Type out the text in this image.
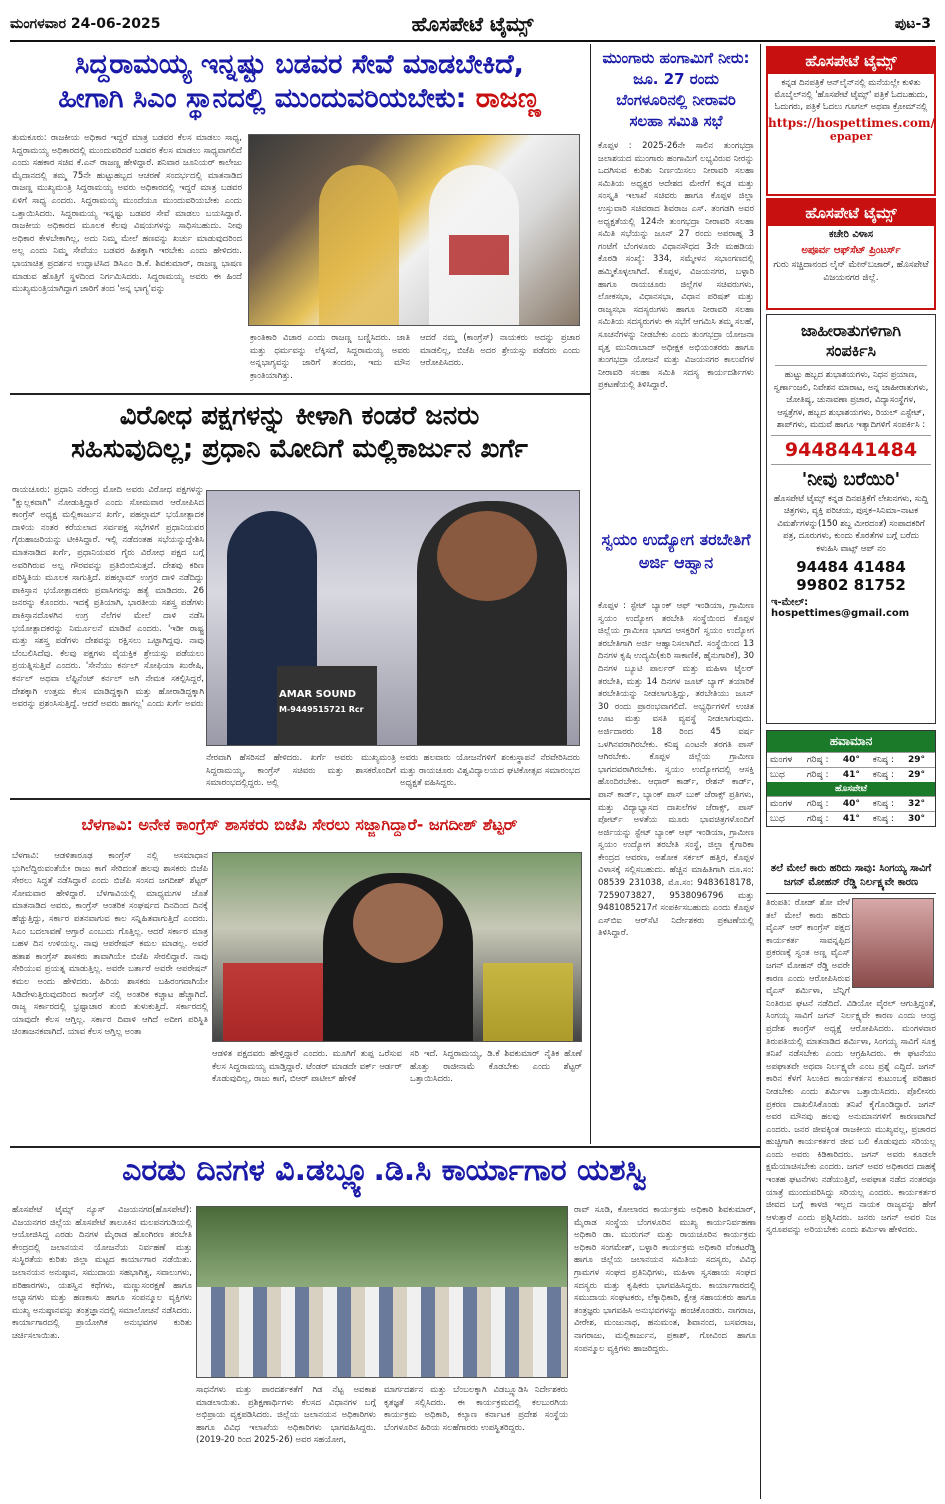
ಮಂಗಳವಾರ 24-06-2025	ಹೊಸಪೇಟೆ ಟೈಮ್ಸ್	ಪುಟ-3
ಸಿದ್ದರಾಮಯ್ಯ ಇನ್ನಷ್ಟು ಬಡವರ ಸೇವೆ ಮಾಡಬೇಕಿದೆ,
ಹೀಗಾಗಿ ಸಿಎಂ ಸ್ಥಾನದಲ್ಲಿ ಮುಂದುವರಿಯಬೇಕು: ರಾಜಣ್ಣ
ತುಮಕೂರು: ರಾಜಕೀಯ ಅಧಿಕಾರ ಇದ್ದರೆ ಮಾತ್ರ ಬಡವರ ಕೆಲಸ ಮಾಡಲು ಸಾಧ್ಯ, ಸಿದ್ದರಾಮಯ್ಯ ಅಧಿಕಾರದಲ್ಲಿ ಮುಂದುವರಿದರೆ ಬಡವರ ಕೆಲಸ ಮಾಡಲು ಸಾಧ್ಯವಾಗಲಿದೆ ಎಂದು ಸಹಕಾರ ಸಚಿವ ಕೆ.ಎನ್ ರಾಜಣ್ಣ ಹೇಳಿದ್ದಾರೆ. ಶನಿವಾರ ಜೂನಿಯರ್ ಕಾಲೇಜು ಮೈದಾನದಲ್ಲಿ ತಮ್ಮ 75ನೇ ಹುಟ್ಟುಹಬ್ಬದ ಆಚರಣೆ ಸಂದರ್ಭದಲ್ಲಿ ಮಾತನಾಡಿದ ರಾಜಣ್ಣ ಮುಖ್ಯಮಂತ್ರಿ ಸಿದ್ದರಾಮಯ್ಯ ಅವರು ಅಧಿಕಾರದಲ್ಲಿ ಇದ್ದರೆ ಮಾತ್ರ ಬಡವರ ಏಳಿಗೆ ಸಾಧ್ಯ ಎಂದರು. ಸಿದ್ದರಾಮಯ್ಯ ಮುಂದೆಯೂ ಮುಂದುವರಿಯಬೇಕು ಎಂದು ಒತ್ತಾಯಿಸಿದರು. ಸಿದ್ದರಾಮಯ್ಯ ಇನ್ನಷ್ಟು ಬಡವರ ಸೇವೆ ಮಾಡಲು ಬಯಸಿದ್ದಾರೆ. ರಾಜಕೀಯ ಅಧಿಕಾರದ ಮೂಲಕ ಕೆಲವು ವಿಷಯಗಳನ್ನು ಸಾಧಿಸಬಹುದು. ನೀವು ಅಧಿಕಾರ ಕೇಳಬೇಕಾಗಿಲ್ಲ, ಅದು ನಿಮ್ಮ ಮೇಲೆ ಹಣವನ್ನು ಖರ್ಚು ಮಾಡುವುದರಿಂದ ಅಲ್ಲ ಎಂದು ನಿಮ್ಮ ಸೇವೆಯು ಬಡವರ ಹಿತಕ್ಕಾಗಿ ಇರಬೇಕು ಎಂದು ಹೇಳಿದರು. ಭಾಯಾಚಿತ್ರ ಪ್ರದರ್ಶನ ಉದ್ಘಾಟಿಸಿದ ಡಿಸಿಎಂ ಡಿ.ಕೆ. ಶಿವಕುಮಾರ್, ರಾಜಣ್ಣ ಭಾಷಣ ಮಾಡುವ ಹೊತ್ತಿಗೆ ಸ್ಥಳದಿಂದ ನಿರ್ಗಮಿಸಿದರು. ಸಿದ್ದರಾಮಯ್ಯ ಅವರು ಈ ಹಿಂದೆ ಮುಖ್ಯಮಂತ್ರಿಯಾಗಿದ್ದಾಗ ಜಾರಿಗೆ ತಂದ 'ಅನ್ನ ಭಾಗ್ಯ'ವನ್ನು
ಕ್ರಾಂತಿಕಾರಿ ವಿಚಾರ ಎಂದು ರಾಜಣ್ಣ ಬಣ್ಣಿಸಿದರು. ಜಾತಿ ಮತ್ತು ಧರ್ಮವನ್ನು ಲೆಕ್ಕಿಸದೆ, ಸಿದ್ದರಾಮಯ್ಯ ಅವರು ಅನ್ನಭಾಗ್ಯವನ್ನು ಜಾರಿಗೆ ತಂದರು, ಇದು ಮೌನ ಕ್ರಾಂತಿಯಾಗಿತ್ತು.
ಆದರೆ ನಮ್ಮ (ಕಾಂಗ್ರೆಸ್) ನಾಯಕರು ಅದನ್ನು ಪ್ರಚಾರ ಮಾಡಲಿಲ್ಲ, ಬಿಜೆಪಿ ಅದರ ಶ್ರೇಯಸ್ಸು ಪಡೆದರು ಎಂದು ಆರೋಪಿಸಿದರು.
ವಿರೋಧ ಪಕ್ಷಗಳನ್ನು ಕೀಳಾಗಿ ಕಂಡರೆ ಜನರು
ಸಹಿಸುವುದಿಲ್ಲ; ಪ್ರಧಾನಿ ಮೋದಿಗೆ ಮಲ್ಲಿಕಾರ್ಜುನ ಖರ್ಗೆ
ರಾಯಚೂರು: ಪ್ರಧಾನಿ ನರೇಂದ್ರ ಮೋದಿ ಅವರು ವಿರೋಧ ಪಕ್ಷಗಳನ್ನು "ಕ್ಷುಲ್ಲಕವಾಗಿ" ನೋಡುತ್ತಿದ್ದಾರೆ ಎಂದು ಸೋಮವಾರ ಆರೋಪಿಸಿದ ಕಾಂಗ್ರೆಸ್ ಅಧ್ಯಕ್ಷ ಮಲ್ಲಿಕಾರ್ಜುನ ಖರ್ಗೆ, ಪಹಲ್ಗಾಮ್ ಭಯೋತ್ಪಾದಕ ದಾಳಿಯ ನಂತರ ಕರೆಯಲಾದ ಸರ್ವಪಕ್ಷ ಸಭೆಗಳಿಗೆ ಪ್ರಧಾನಿಯವರ ಗೈರುಹಾಜರಿಯನ್ನು ಟೀಕಿಸಿದ್ದಾರೆ. ಇಲ್ಲಿ ನಡೆದಂತಹ ಸಭೆಯನ್ನುದ್ದೇಶಿಸಿ ಮಾತನಾಡಿದ ಖರ್ಗೆ, ಪ್ರಧಾನಿಯವರ ಗೈರು ವಿರೋಧ ಪಕ್ಷದ ಬಗ್ಗೆ ಅವರಿಗಿರುವ ಅಲ್ಪ ಗೌರವವನ್ನು ಪ್ರತಿಬಿಂಬಿಸುತ್ತದೆ. ದೇಶವು ಕಠಿಣ ಪರಿಸ್ಥಿತಿಯ ಮೂಲಕ ಸಾಗುತ್ತಿದೆ. ಪಹಲ್ಗಾಮ್ ಉಗ್ರರ ದಾಳಿ ನಡೆದಿದ್ದು ಪಾಕಿಸ್ತಾನ ಭಯೋತ್ಪಾದಕರು ಪ್ರವಾಸಿಗರನ್ನು ಹತ್ಯೆ ಮಾಡಿದರು. 26 ಜನರನ್ನು ಕೊಂದರು. ಇದಕ್ಕೆ ಪ್ರತಿಯಾಗಿ, ಭಾರತೀಯ ಸಶಸ್ತ್ರ ಪಡೆಗಳು ಪಾಕಿಸ್ತಾನದೊಳಗಿನ ಉಗ್ರ ನೆಲೆಗಳ ಮೇಲೆ ದಾಳಿ ನಡೆಸಿ ಭಯೋತ್ಪಾದಕರನ್ನು ನಿರ್ಮೂಲನೆ ಮಾಡಿವೆ ಎಂದರು. 'ಇಡೀ ರಾಷ್ಟ್ರ ಮತ್ತು ಸಶಸ್ತ್ರ ಪಡೆಗಳು ದೇಶವನ್ನು ರಕ್ಷಿಸಲು ಒಟ್ಟಾಗಿದ್ದವು. ನಾವು ಬೆಂಬಲಿಸಿದೆವು. ಕೆಲವು ಪಕ್ಷಗಳು ವೈಯಕ್ತಿಕ ಶ್ರೇಯಸ್ಸು ಪಡೆಯಲು ಪ್ರಯತ್ನಿಸುತ್ತಿವೆ ಎಂದರು. 'ಸೇನೆಯು ಕರ್ನಲ್ ಸೋಫಿಯಾ ಖುರೇಷಿ, ಕರ್ನಲ್ ಅಥವಾ ಲೆಫ್ಟಿನೆಂಟ್ ಕರ್ನಲ್ ಅಗಿ ನೇಮಕ ಸಕಲ್ಪಿಸಿದ್ದರೆ, ದೇಶಕ್ಕಾಗಿ ಉತ್ತಮ ಕೆಲಸ ಮಾಡಿದ್ದಕ್ಕಾಗಿ ಮತ್ತು ಹೋರಾಡಿದ್ದಕ್ಕಾಗಿ ಅವರನ್ನು ಪ್ರಶಂಸಿಸುತ್ತಿದ್ದೆ. ಆದರೆ ಅವರು ಹಾಗಲ್ಲ' ಎಂದು ಖರ್ಗೆ ಅವರು
AMAR SOUND
M-9449515721 Rcr
ನೇರವಾಗಿ ಹೆಸರಿಸದೆ ಹೇಳಿದರು. ಖರ್ಗೆ ಅವರು ಮುಖ್ಯಮಂತ್ರಿ ಸಿದ್ದರಾಮಯ್ಯ, ಕಾಂಗ್ರೆಸ್ ಸಚಿವರು ಮತ್ತು ಶಾಸಕರೊಂದಿಗೆ ಸಮಾರಂಭದಲ್ಲಿದ್ದರು. ಅಲ್ಲಿ
ಅವರು ಹಲವಾರು ಯೋಜನೆಗಳಿಗೆ ಶಂಕುಸ್ಥಾಪನೆ ನೆರವೇರಿಸಿದರು ಮತ್ತು ರಾಯಚೂರು ವಿಶ್ವವಿದ್ಯಾಲಯದ ಘಟಿಕೋತ್ಸವ ಸಮಾರಂಭದ ಅಧ್ಯಕ್ಷತೆ ವಹಿಸಿದ್ದರು.
ಬೆಳಗಾವಿ: ಅನೇಕ ಕಾಂಗ್ರೆಸ್ ಶಾಸಕರು ಬಿಜೆಪಿ ಸೇರಲು ಸಜ್ಜಾಗಿದ್ದಾರೆ- ಜಗದೀಶ್ ಶೆಟ್ಟರ್
ಬೆಳಗಾವಿ: ಆಡಳಿತಾರೂಢ ಕಾಂಗ್ರೆಸ್ ನಲ್ಲಿ ಅಸಮಾಧಾನ ಭುಗಿಲೆದ್ದಿರುವಂತೆಯೇ ರಾಜು ಕಾಗೆ ಸೇರಿದಂತೆ ಹಲವು ಶಾಸಕರು ಬಿಜೆಪಿ ಸೇರಲು ಸಿದ್ಧತೆ ನಡೆಸಿದ್ದಾರೆ ಎಂದು ಬಿಜೆಪಿ ಸಂಸದ ಜಗದೀಶ್ ಶೆಟ್ಟರ್ ಸೋಮವಾರ ಹೇಳಿದ್ದಾರೆ. ಬೆಳಗಾವಿಯಲ್ಲಿ ಮಾಧ್ಯಮಗಳ ಜೊತೆ ಮಾತನಾಡಿದ ಅವರು, ಕಾಂಗ್ರೆಸ್ ಆಂತರಿಕ ಸಂಘರ್ಷದ ದಿನದಿಂದ ದಿನಕ್ಕೆ ಹೆಚ್ಚುತ್ತಿದ್ದು, ಸರ್ಕಾರ ಪತನವಾಗುವ ಕಾಲ ಸನ್ನಿಹಿತವಾಗುತ್ತಿದೆ ಎಂದರು. ಸಿಎಂ ಬದಲಾವಣೆ ಆಗ್ತಾರೆ ಎಂಬುದು ಗೊತ್ತಿಲ್ಲ. ಆದರೆ ಸರ್ಕಾರ ಮಾತ್ರ ಬಹಳ ದಿನ ಉಳಿಯಲ್ಲ. ನಾವು ಆಪರೇಷನ್ ಕಮಲ ಮಾಡಲ್ಲ. ಅವರೆ ಹತಾಶ ಕಾಂಗ್ರೆಸ್ ಶಾಸಕರು ತಾವಾಗಿಯೇ ಬಿಜೆಪಿ ಸೇರಲಿದ್ದಾರೆ. ನಾವು ಸೇರಿಯುವ ಪ್ರಯತ್ನ ಮಾಡುತ್ತಿಲ್ಲ. ಅವರೇ ಬರ್ತಾರೆ ಅವರೇ ಆಪರೇಷನ್ ಕಮಲ ಅಂದು ಹೇಳಿದರು. ಹಿರಿಯ ಶಾಸಕರು ಬಹಿರಂಗವಾಗಿಯೇ ಸಿಡಿದೇಳುತ್ತಿರುವುದರಿಂದ ಕಾಂಗ್ರೆಸ್ ನಲ್ಲಿ ಅಂತರಿಕ ಕಚ್ಚಾಟ ಹೆಚ್ಚಾಗಿದೆ. ರಾಜ್ಯ ಸರ್ಕಾರದಲ್ಲಿ ಭ್ರಷ್ಟಾಚಾರ ತುಂಬಿ ತುಳುಕುತ್ತಿದೆ. ಸರ್ಕಾರದಲ್ಲಿ ಯಾವುದೇ ಕೆಲಸ ಆಗ್ತಿಲ್ಲ. ಸರ್ಕಾರ ದಿವಾಳಿ ಆಗಿದೆ ಅದೀಗ ಪರಿಸ್ಥಿತಿ ಚಿಂತಾಜನಕವಾಗಿದೆ. ಯಾವ ಕೆಲಸ ಆಗ್ತಿಲ್ಲ ಅಂತಾ
ಆಡಳಿತ ಪಕ್ಷದವರು ಹೇಳ್ತಿದ್ದಾರೆ ಎಂದರು. ಮೂಗಿಗೆ ತುಪ್ಪ ಒರೆಸುವ ಕೆಲಸ ಸಿದ್ದರಾಮಯ್ಯ ಮಾಡ್ತಿದ್ದಾರೆ. ಟೆಂಡರ್ ಮಾಡದೇ ವರ್ಕ್ ಆರ್ಡರ್ ಕೊಡುವುದಿಲ್ಲ, ರಾಜು ಕಾಗೆ, ಬಿಆರ್ ಪಾಟೀಲ್ ಹೇಳಿಕೆ
ಸರಿ ಇದೆ. ಸಿದ್ದರಾಮಯ್ಯ, ಡಿ.ಕೆ ಶಿವಕುಮಾರ್ ನೈತಿಕ ಹೊಣೆ ಹೊತ್ತು ರಾಜೀನಾಮೆ ಕೊಡಬೇಕು ಎಂದು ಶೆಟ್ಟರ್ ಒತ್ತಾಯಿಸಿದರು.
ಎರಡು ದಿನಗಳ ವಿ.ಡಬ್ಲ್ಯೂ.ಡಿ.ಸಿ ಕಾರ್ಯಾಗಾರ ಯಶಸ್ವಿ
ಹೊಸಪೇಟೆ ಟೈಮ್ಸ್ ನ್ಯೂಸ್ ವಿಜಯನಗರ(ಹೊಸಪೇಟೆ): ವಿಜಯನಗರ ಜಿಲ್ಲೆಯ ಹೊಸಪೇಟೆ ತಾಲೂಕಿನ ಮಲಪನಗುಡಿಯಲ್ಲಿ ಆಯೋಜಿಸಿದ್ದ ಎರಡು ದಿನಗಳ ಮೈರಾಡ ಹೊಂಗಿರಣ ತರಬೇತಿ ಕೇಂದ್ರದಲ್ಲಿ ಜಲಾನಯನ ಯೋಜನೆಯ ನಿರ್ವಹಣೆ ಮತ್ತು ಸುಸ್ಥಿರತೆಯ ಕುರಿತು ಜಿಲ್ಲಾ ಮಟ್ಟದ ಕಾರ್ಯಾಗಾರ ನಡೆಯಿತು. ಜಲಾನಯನ ಅನುಷ್ಠಾನ, ಸಮುದಾಯ ಸಹಭಾಗಿತ್ವ, ಸವಾಲುಗಳು, ಪರಿಹಾರಗಳು, ಯಶಸ್ವಿನ ಕಥೆಗಳು, ಮಣ್ಣುಸಂರಕ್ಷಣೆ ಹಾಗೂ ಅಭ್ಯಾಸಗಳು ಮತ್ತು ಹಣಕಾಸು ಹಾಗೂ ಸಂಪನ್ಮೂಲ ವ್ಯಕ್ತಿಗಳು ಮುಖ್ಯ ಅನುಷ್ಠಾನವನ್ನು ತಂತ್ರಜ್ಞಾನದಲ್ಲಿ ಸಮಾಲೋಚನೆ ನಡೆಸಿದರು. ಕಾರ್ಯಾಗಾರದಲ್ಲಿ ಪ್ರಾಯೋಗಿಕ ಅನುಭವಗಳ ಕುರಿತು ಚರ್ಚಿಸಲಾಯಿತು.
ಸಾಧನೆಗಳು ಮತ್ತು ಪಾರದರ್ಶಕತೆಗೆ ಗಿಡ ನೆಟ್ಟ ಅವಕಾಶ ಮಾಡಲಾಯಿತು. ಪ್ರಶಿಕ್ಷಣಾರ್ಥಿಗಳು ಕೆಲಸದ ವಿಧಾನಗಳ ಬಗ್ಗೆ ಅಭಿಪ್ರಾಯ ವ್ಯಕ್ತಪಡಿಸಿದರು. ಜಿಲ್ಲೆಯ ಜಲಾನಯನ ಅಧಿಕಾರಿಗಳು ಹಾಗೂ ವಿವಿಧ ಇಲಾಖೆಯ ಅಧಿಕಾರಿಗಳು ಭಾಗವಹಿಸಿದ್ದರು. (2019-20 ರಿಂದ 2025-26) ಅವರ ಸಹಯೋಗ,
ಮಾರ್ಗದರ್ಶನ ಮತ್ತು ಬೆಂಬಲಕ್ಕಾಗಿ ವಿಡಬ್ಲ್ಯೂಡಿಸಿ ನಿರ್ದೇಶಕರು ಕೃತಜ್ಞತೆ ಸಲ್ಲಿಸಿದರು. ಈ ಕಾರ್ಯಕ್ರಮದಲ್ಲಿ ಕಲಬುರಗಿಯ ಕಾರ್ಯಕ್ರಮ ಅಧಿಕಾರಿ, ಕಲ್ಯಾಣ ಕರ್ನಾಟಕ ಪ್ರದೇಶ ಸಂಸ್ಥೆಯ ಬೆಂಗಳೂರಿನ ಹಿರಿಯ ಸಲಹೆಗಾರರು ಉಪಸ್ಥಿತರಿದ್ದರು.
ರಾವ್ ಸೂಡಿ, ಕೋಲಾರದ ಕಾರ್ಯಕ್ರಮ ಅಧಿಕಾರಿ ಶಿವಕುಮಾರ್, ಮೈರಾಡ ಸಂಸ್ಥೆಯ ಬೆಂಗಳೂರಿನ ಮುಖ್ಯ ಕಾರ್ಯನಿರ್ವಹಣಾ ಅಧಿಕಾರಿ ಡಾ. ಮುರುಗನ್ ಮತ್ತು ರಾಯಚೂರಿನ ಕಾರ್ಯಕ್ರಮ ಅಧಿಕಾರಿ ಸಂಗಮೇಶ್, ಬಳ್ಳಾರಿ ಕಾರ್ಯಕ್ರಮ ಅಧಿಕಾರಿ ವೆಂಕಟರೆಡ್ಡಿ ಹಾಗೂ ಜಿಲ್ಲೆಯ ಜಲಾನಯನ ಸಮಿತಿಯ ಸದಸ್ಯರು, ವಿವಿಧ ಗ್ರಾಮಗಳ ಸಂಘದ ಪ್ರತಿನಿಧಿಗಳು, ಮಹಿಳಾ ಸ್ವಸಹಾಯ ಸಂಘದ ಸದಸ್ಯರು ಮತ್ತು ಕೃಷಿಕರು ಭಾಗವಹಿಸಿದ್ದರು. ಕಾರ್ಯಾಗಾರದಲ್ಲಿ ಸಮುದಾಯ ಸಂಘಟಕರು, ಲೆಕ್ಕಾಧಿಕಾರಿ, ಕ್ಷೇತ್ರ ಸಹಾಯಕರು ಹಾಗೂ ತಂತ್ರಜ್ಞರು ಭಾಗವಹಿಸಿ ಅನುಭವಗಳನ್ನು ಹಂಚಿಕೊಂಡರು. ನಾಗರಾಜ, ವೀರೇಶ, ಮಂಜುನಾಥ, ಹನುಮಂತ, ಶಿವಾನಂದ, ಬಸವರಾಜ, ನಾಗರಾಜು, ಮಲ್ಲಿಕಾರ್ಜುನ, ಪ್ರಕಾಶ್, ಗೋವಿಂದ ಹಾಗೂ ಸಂಪನ್ಮೂಲ ವ್ಯಕ್ತಿಗಳು ಹಾಜರಿದ್ದರು.
ಮುಂಗಾರು ಹಂಗಾಮಿಗೆ ನೀರು: ಜೂ. 27 ರಂದು ಬೆಂಗಳೂರಿನಲ್ಲಿ ನೀರಾವರಿ ಸಲಹಾ ಸಮಿತಿ ಸಭೆ
ಕೊಪ್ಪಳ : 2025-26ನೇ ಸಾಲಿನ ತುಂಗಭದ್ರಾ ಜಲಾಶಯದ ಮುಂಗಾರು ಹಂಗಾಮಿಗೆ ಲಭ್ಯವಿರುವ ನೀರನ್ನು ಒದಗಿಸುವ ಕುರಿತು ನಿರ್ಣಯಿಸಲು ನೀರಾವರಿ ಸಲಹಾ ಸಮಿತಿಯ ಅಧ್ಯಕ್ಷರ ಆದೇಶದ ಮೇರೆಗೆ ಕನ್ನಡ ಮತ್ತು ಸಂಸ್ಕೃತಿ ಇಲಾಖೆ ಸಚಿವರು ಹಾಗೂ ಕೊಪ್ಪಳ ಜಿಲ್ಲಾ ಉಸ್ತುವಾರಿ ಸಚಿವರಾದ ಶಿವರಾಜ ಎಸ್. ತಂಗಡಗಿ ಅವರ ಅಧ್ಯಕ್ಷತೆಯಲ್ಲಿ 124ನೇ ತುಂಗಭದ್ರಾ ನೀರಾವರಿ ಸಲಹಾ ಸಮಿತಿ ಸಭೆಯನ್ನು ಜೂನ್ 27 ರಂದು ಅಪರಾಹ್ನ 3 ಗಂಟೆಗೆ ಬೆಂಗಳೂರು ವಿಧಾನಸೌಧದ 3ನೇ ಮಹಡಿಯ ಕೊಠಡಿ ಸಂಖ್ಯೆ: 334, ಸಮ್ಮೇಳನ ಸಭಾಂಗಣದಲ್ಲಿ ಹಮ್ಮಿಕೊಳ್ಳಲಾಗಿದೆ. ಕೊಪ್ಪಳ, ವಿಜಯನಗರ, ಬಳ್ಳಾರಿ ಹಾಗೂ ರಾಯಚೂರು ಜಿಲ್ಲೆಗಳ ಸಚಿವರುಗಳು, ಲೋಕಸಭಾ, ವಿಧಾನಸಭಾ, ವಿಧಾನ ಪರಿಷತ್ ಮತ್ತು ರಾಜ್ಯಸಭಾ ಸದಸ್ಯರುಗಳು ಹಾಗೂ ನೀರಾವರಿ ಸಲಹಾ ಸಮಿತಿಯ ಸದಸ್ಯರುಗಳು ಈ ಸಭೆಗೆ ಆಗಮಿಸಿ ತಮ್ಮ ಸಲಹೆ, ಸೂಚನೆಗಳನ್ನು ನೀಡಬೇಕು ಎಂದು ತುಂಗಭದ್ರಾ ಯೋಜನಾ ವೃತ್ತ ಮುನಿರಾಬಾದ್ ಅಧೀಕ್ಷಕ ಅಭಿಯಂತರರು ಹಾಗೂ ತುಂಗಭದ್ರಾ ಯೋಜನೆ ಮತ್ತು ವಿಜಯನಗರ ಕಾಲುವೆಗಳ ನೀರಾವರಿ ಸಲಹಾ ಸಮಿತಿ ಸದಸ್ಯ ಕಾರ್ಯದರ್ಶಿಗಳು ಪ್ರಕಟಣೆಯಲ್ಲಿ ತಿಳಿಸಿದ್ದಾರೆ.
ಸ್ವಯಂ ಉದ್ಯೋಗ ತರಬೇತಿಗೆ ಅರ್ಜಿ ಆಹ್ವಾನ
ಕೊಪ್ಪಳ : ಸ್ಟೇಟ್ ಬ್ಯಾಂಕ್ ಆಫ್ ಇಂಡಿಯಾ, ಗ್ರಾಮೀಣ ಸ್ವಯಂ ಉದ್ಯೋಗ ತರಬೇತಿ ಸಂಸ್ಥೆಯಿಂದ ಕೊಪ್ಪಳ ಜಿಲ್ಲೆಯ ಗ್ರಾಮೀಣ ಭಾಗದ ಆಸಕ್ತರಿಗೆ ಸ್ವಯಂ ಉದ್ಯೋಗ ತರಬೇತಿಗಾಗಿ ಅರ್ಜಿ ಆಹ್ವಾನಿಸಲಾಗಿದೆ. ಸಂಸ್ಥೆಯಿಂದ 13 ದಿನಗಳ ಕೃಷಿ ಉದ್ಯಮಿ(ಕುರಿ ಸಾಕಾಣಿಕೆ, ಹೈನುಗಾರಿಕೆ), 30 ದಿನಗಳ ಬ್ಯೂಟಿ ಪಾರ್ಲರ್ ಮತ್ತು ಮಹಿಳಾ ಟೈಲರ್ ತರಬೇತಿ, ಮತ್ತು 14 ದಿನಗಳ ಜೂಟ್ ಬ್ಯಾಗ್ ತಯಾರಿಕೆ ತರಬೇತಿಯನ್ನು ನೀಡಲಾಗುತ್ತಿದ್ದು, ತರಬೇತಿಯು ಜೂನ್ 30 ರಂದು ಪ್ರಾರಂಭವಾಗಲಿದೆ. ಅಭ್ಯರ್ಥಿಗಳಿಗೆ ಉಚಿತ ಊಟ ಮತ್ತು ವಸತಿ ವ್ಯವಸ್ಥೆ ನೀಡಲಾಗುವುದು. ಅರ್ಜಿದಾರರು 18 ರಿಂದ 45 ವರ್ಷ ಒಳಗಿನವರಾಗಿರಬೇಕು. ಕನಿಷ್ಠ ಎಂಟನೇ ತರಗತಿ ಪಾಸ್ ಆಗಿರಬೇಕು. ಕೊಪ್ಪಳ ಜಿಲ್ಲೆಯ ಗ್ರಾಮೀಣ ಭಾಗದವರಾಗಿರಬೇಕು. ಸ್ವಯಂ ಉದ್ಯೋಗದಲ್ಲಿ ಆಸಕ್ತಿ ಹೊಂದಿರಬೇಕು. ಆಧಾರ್ ಕಾರ್ಡ್, ರೇಶನ್ ಕಾರ್ಡ್, ಪಾನ್ ಕಾರ್ಡ್, ಬ್ಯಾಂಕ್ ಪಾಸ್ ಬುಕ್ ಜೆರಾಕ್ಸ್ ಪ್ರತಿಗಳು, ಮತ್ತು ವಿದ್ಯಾಭ್ಯಾಸದ ದಾಖಲೆಗಳ ಜೆರಾಕ್ಸ್, ಪಾಸ್ ಪೋರ್ಟ್ ಅಳತೆಯ ಮೂರು ಭಾವಚಿತ್ರಗಳೊಂದಿಗೆ ಅರ್ಜಿಯನ್ನು ಸ್ಟೇಟ್ ಬ್ಯಾಂಕ್ ಆಫ್ ಇಂಡಿಯಾ, ಗ್ರಾಮೀಣ ಸ್ವಯಂ ಉದ್ಯೋಗ ತರಬೇತಿ ಸಂಸ್ಥೆ, ಜಿಲ್ಲಾ ಕೈಗಾರಿಕಾ ಕೇಂದ್ರದ ಆವರಣ, ಅಶೋಕ ಸರ್ಕಲ್ ಹತ್ತಿರ, ಕೊಪ್ಪಳ ವಿಳಾಸಕ್ಕೆ ಸಲ್ಲಿಸಬಹುದು. ಹೆಚ್ಚಿನ ಮಾಹಿತಿಗಾಗಿ ದೂ.ಸಂ: 08539 231038, ಮೊ.ಸಂ: 9483618178, 7259073827, 9538096796 ಮತ್ತು 9481085217ಗೆ ಸಂಪರ್ಕಿಸಬಹುದು ಎಂದು ಕೊಪ್ಪಳ ಎಸ್‌ಬಿಐ ಆರ್‌ಸೆಟಿ ನಿರ್ದೇಶಕರು ಪ್ರಕಟಣೆಯಲ್ಲಿ ತಿಳಿಸಿದ್ದಾರೆ.
ಹೊಸಪೇಟೆ ಟೈಮ್ಸ್
ಕನ್ನಡ ದಿನಪತ್ರಿಕೆ ಆನ್‌ಲೈನ್‌ನಲ್ಲಿ ಮನೆಯಲ್ಲೇ ಕುಳಿತು ಮೊಬೈಲ್‌ನಲ್ಲಿ 'ಹೊಸಪೇಟೆ ಟೈಮ್ಸ್' ಪತ್ರಿಕೆ ಓದಬಹುದು, ಓದುಗರು, ಪತ್ರಿಕೆ ಓದಲು ಗೂಗಲ್ ಅಥವಾ ಕ್ರೋಮ್‌ನಲ್ಲಿ
https://hospettimes.com/
epaper
ಹೊಸಪೇಟೆ ಟೈಮ್ಸ್
ಕಚೇರಿ ವಿಳಾಸ
ಅಪೂರ್ವ ಆಫ್‌ಸೆಟ್ ಪ್ರಿಂಟರ್ಸ್
ಗುರು ಸಚ್ಚಿದಾನಂದ ಲೈನ್ ಮೇನ್‌ಬಜಾರ್, ಹೊಸಪೇಟೆ ವಿಜಯನಗರ ಜಿಲ್ಲೆ.
ಜಾಹೀರಾತುಗಳಿಗಾಗಿ
ಸಂಪರ್ಕಿಸಿ
ಹುಟ್ಟು ಹಬ್ಬದ ಶುಭಾಶಯಗಳು, ನಿಧನ ಪ್ರಯಾಣ, ಸ್ವರ್ಣಾಂಜಲಿ, ನಿವೇಶನ ಮಾರಾಟ, ಅನ್ನ ಜಾಹೀರಾತುಗಳು, ಜೋತಿಷ್ಯ, ಚುನಾವಣಾ ಪ್ರಚಾರ, ವಿದ್ಯಾಸಂಸ್ಥೆಗಳ, ಆಸ್ಪತ್ರೆಗಳ, ಹಬ್ಬದ ಶುಭಾಶಯಗಳು, ರಿಯಲ್ ಎಸ್ಟೇಟ್, ಶಾಪ್‌ಗಳು, ಮದುವೆ ಹಾಗೂ ಇತ್ಯಾದಿಗಳಿಗೆ ಸಂಪರ್ಕಿಸಿ :
9448441484
'ನೀವು ಬರೆಯಿರಿ'
ಹೊಸಪೇಟೆ ಟೈಮ್ಸ್ ಕನ್ನಡ ದಿನಪತ್ರಿಕೆಗೆ ಲೇಖನಗಳು, ಸುದ್ದಿ ಚಿತ್ರಗಳು, ವ್ಯಕ್ತಿ ಪರಿಚಯ, ಪುಸ್ತಕ–ಸಿನಿಮಾ–ನಾಟಕ ವಿಮರ್ಶೆಗಳನ್ನು(150 ಶಬ್ದ ಮೀರದಂತೆ) ಸಂಪಾದಕರಿಗೆ ಪತ್ರ, ದೂರುಗಳು, ಕುಂದು ಕೊರತೆಗಳ ಬಗ್ಗೆ ಬರೆದು ಕಳುಹಿಸಿ ವಾಟ್ಸ್ ಆಪ್ ನಂ
94484 41484
99802 81752
ಇ-ಮೇಲ್: hospettimes@gmail.com
ಹವಾಮಾನ
ಮಂಗಳ	ಗರಿಷ್ಠ :	40°	ಕನಿಷ್ಠ :	29°
ಬುಧ	ಗರಿಷ್ಠ :	41°	ಕನಿಷ್ಠ :	29°
ಹೊಸಪೇಟೆ
ಮಂಗಳ	ಗರಿಷ್ಠ :	40°	ಕನಿಷ್ಠ :	32°
ಬುಧ	ಗರಿಷ್ಠ :	41°	ಕನಿಷ್ಠ :	30°
ತಲೆ ಮೇಲೆ ಕಾರು ಹರಿದು ಸಾವು: ಸಿಂಗಯ್ಯ ಸಾವಿಗೆ ಜಗನ್ ಮೋಹನ್ ರೆಡ್ಡಿ ನಿರ್ಲಕ್ಷ್ಯವೇ ಕಾರಣ
ತಿರುಪತಿ: ರೋಡ್ ಶೋ ವೇಳೆ ತಲೆ ಮೇಲೆ ಕಾರು ಹರಿದು ವೈಎಸ್ ಆರ್ ಕಾಂಗ್ರೆಸ್ ಪಕ್ಷದ ಕಾರ್ಯಕರ್ತ ಸಾವನ್ನಪ್ಪಿದ ಪ್ರಕರಣಕ್ಕೆ ಸ್ವಂತ ಅಣ್ಣ ವೈಎಸ್ ಜಗನ್ ಮೋಹನ್ ರೆಡ್ಡಿ ಅವರೇ ಕಾರಣ ಎಂದು ಆರೋಪಿಸಿರುವ ವೈಎಸ್ ಶರ್ಮಿಳಾ, ಬೆನ್ನಿಗೆ ನಿಂತಿರುವ ಘಟನೆ ನಡೆದಿದೆ. ವಿಡಿಯೋ ವೈರಲ್ ಆಗುತ್ತಿದ್ದಂತೆ, ಸಿಂಗಯ್ಯ ಸಾವಿಗೆ ಜಗನ್ ನಿರ್ಲಕ್ಷ್ಯವೇ ಕಾರಣ ಎಂದು ಆಂಧ್ರ ಪ್ರದೇಶ ಕಾಂಗ್ರೆಸ್ ಅಧ್ಯಕ್ಷೆ ಆರೋಪಿಸಿದರು. ಮಂಗಳವಾರ ತಿರುಪತಿಯಲ್ಲಿ ಮಾತನಾಡಿದ ಶರ್ಮಿಳಾ, ಸಿಂಗಯ್ಯ ಸಾವಿಗೆ ಸೂಕ್ತ ತನಿಖೆ ನಡೆಸಬೇಕು ಎಂದು ಆಗ್ರಹಿಸಿದರು. ಈ ಘಟನೆಯು ಅಪಘಾತವೇ ಅಥವಾ ನಿರ್ಲಕ್ಷ್ಯವೇ ಎಂಬ ಪ್ರಶ್ನೆ ಎದ್ದಿದೆ. ಜಗನ್ ಕಾರಿನ ಕೆಳಗೆ ಸಿಲುಕಿದ ಕಾರ್ಯಕರ್ತನ ಕುಟುಂಬಕ್ಕೆ ಪರಿಹಾರ ನೀಡಬೇಕು ಎಂದು ಶರ್ಮಿಳಾ ಒತ್ತಾಯಿಸಿದರು. ಪೊಲೀಸರು ಪ್ರಕರಣ ದಾಖಲಿಸಿಕೊಂಡು ತನಿಖೆ ಕೈಗೊಂಡಿದ್ದಾರೆ. ಜಗನ್ ಅವರ ಮೌನವು ಹಲವು ಅನುಮಾನಗಳಿಗೆ ಕಾರಣವಾಗಿದೆ ಎಂದರು. ಜನರ ಜೀವಕ್ಕಿಂತ ರಾಜಕೀಯ ಮುಖ್ಯವಲ್ಲ, ಪ್ರಚಾರದ ಹುಚ್ಚಿಗಾಗಿ ಕಾರ್ಯಕರ್ತರ ಜೀವ ಬಲಿ ಕೊಡುವುದು ಸರಿಯಲ್ಲ ಎಂದು ಅವರು ಕಿಡಿಕಾರಿದರು. ಜಗನ್ ಅವರು ಕೂಡಲೇ ಕ್ಷಮೆಯಾಚಿಸಬೇಕು ಎಂದರು. ಜಗನ್ ಅವರ ಅಧಿಕಾರದ ದಾಹಕ್ಕೆ ಇಂತಹ ಘಟನೆಗಳು ನಡೆಯುತ್ತಿವೆ, ಅಪಘಾತ ನಡೆದ ನಂತರವೂ ಯಾತ್ರೆ ಮುಂದುವರಿಸಿದ್ದು ಸರಿಯಲ್ಲ ಎಂದರು. ಕಾರ್ಯಕರ್ತರ ಜೀವದ ಬಗ್ಗೆ ಕಾಳಜಿ ಇಲ್ಲದ ನಾಯಕ ರಾಜ್ಯವನ್ನು ಹೇಗೆ ಆಳುತ್ತಾರೆ ಎಂದು ಪ್ರಶ್ನಿಸಿದರು. ಜನರು ಜಗನ್ ಅವರ ನಿಜ ಸ್ವರೂಪವನ್ನು ಅರಿಯಬೇಕು ಎಂದು ಶರ್ಮಿಳಾ ಹೇಳಿದರು.
